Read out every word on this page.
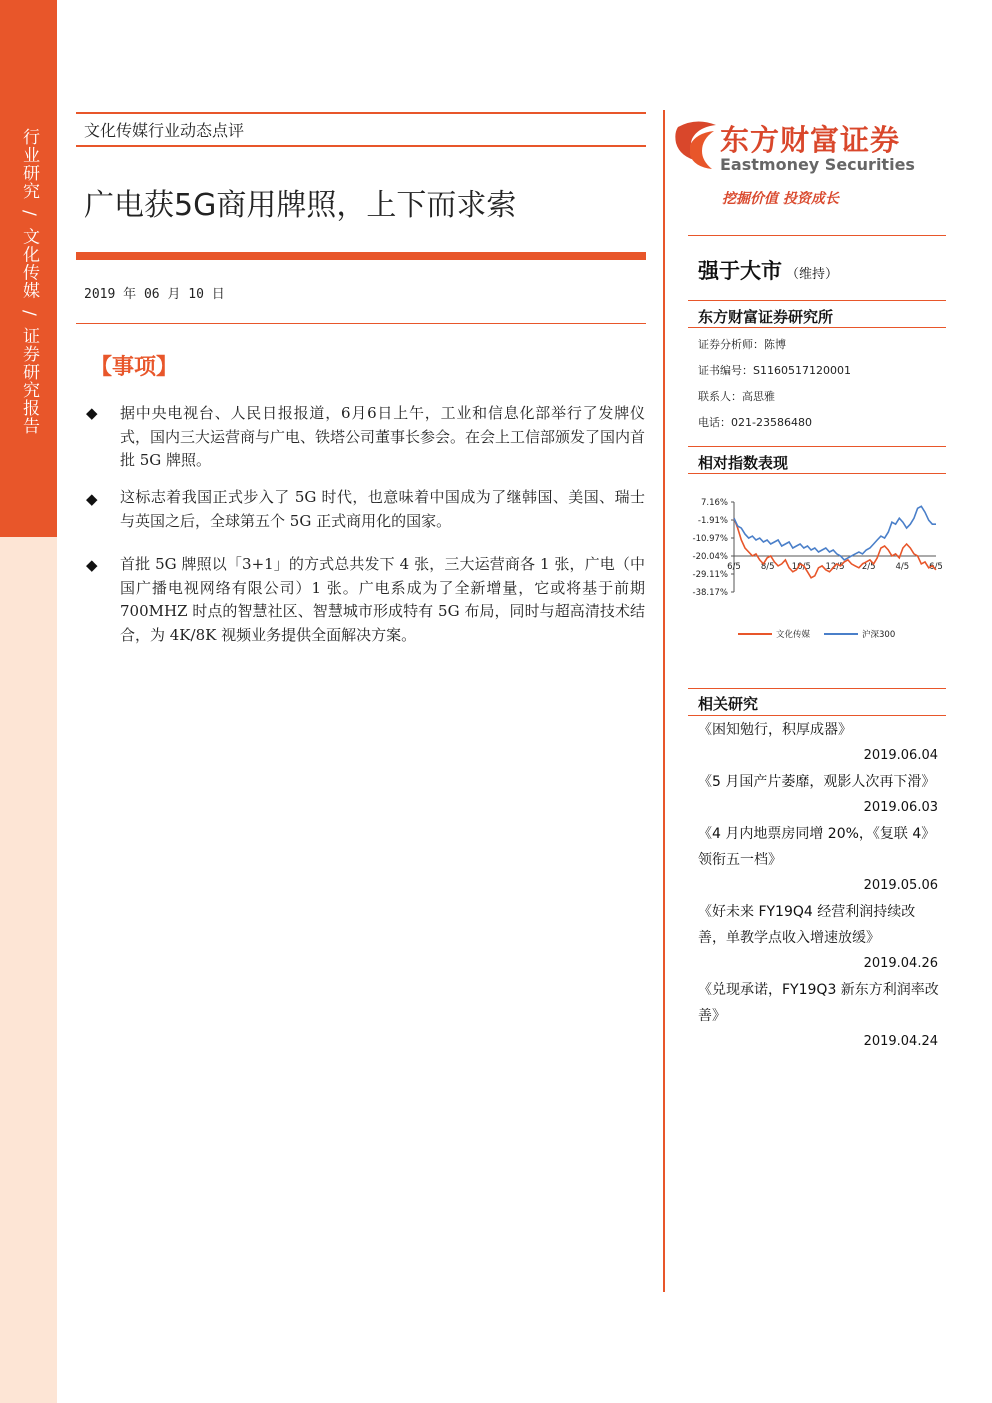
行业研究 / 文化传媒 / 证券研究报告
文化传媒行业动态点评
广电获5G商用牌照，上下而求索
2019 年 06 月 10 日
【事项】
◆ 据中央电视台、人民日报报道，6月6日上午，工业和信息化部举行了发牌仪式，国内三大运营商与广电、铁塔公司董事长参会。在会上工信部颁发了国内首批 5G 牌照。
◆ 这标志着我国正式步入了 5G 时代，也意味着中国成为了继韩国、美国、瑞士与英国之后，全球第五个 5G 正式商用化的国家。
◆ 首批 5G 牌照以「3+1」的方式总共发下 4 张，三大运营商各 1 张，广电（中国广播电视网络有限公司）1 张。广电系成为了全新增量，它或将基于前期 700MHZ 时点的智慧社区、智慧城市形成特有 5G 布局，同时与超高清技术结合，为 4K/8K 视频业务提供全面解决方案。
东方财富证券
Eastmoney Securities
挖掘价值 投资成长
强于大市 （维持）
东方财富证券研究所
证券分析师：陈博
证书编号：S1160517120001
联系人：高思雅
电话：021-23586480
相对指数表现
7.16%
-1.91%
-10.97%
-20.04%
-29.11%
-38.17%
6/5 8/5 10/5 12/5 2/5 4/5 6/5
文化传媒	沪深300
相关研究
《困知勉行，积厚成器》
2019.06.04
《5 月国产片萎靡，观影人次再下滑》
2019.06.03
《4 月内地票房同增 20%，《复联 4》领衔五一档》
2019.05.06
《好未来 FY19Q4 经营利润持续改善，单教学点收入增速放缓》
2019.04.26
《兑现承诺，FY19Q3 新东方利润率改善》
2019.04.24
